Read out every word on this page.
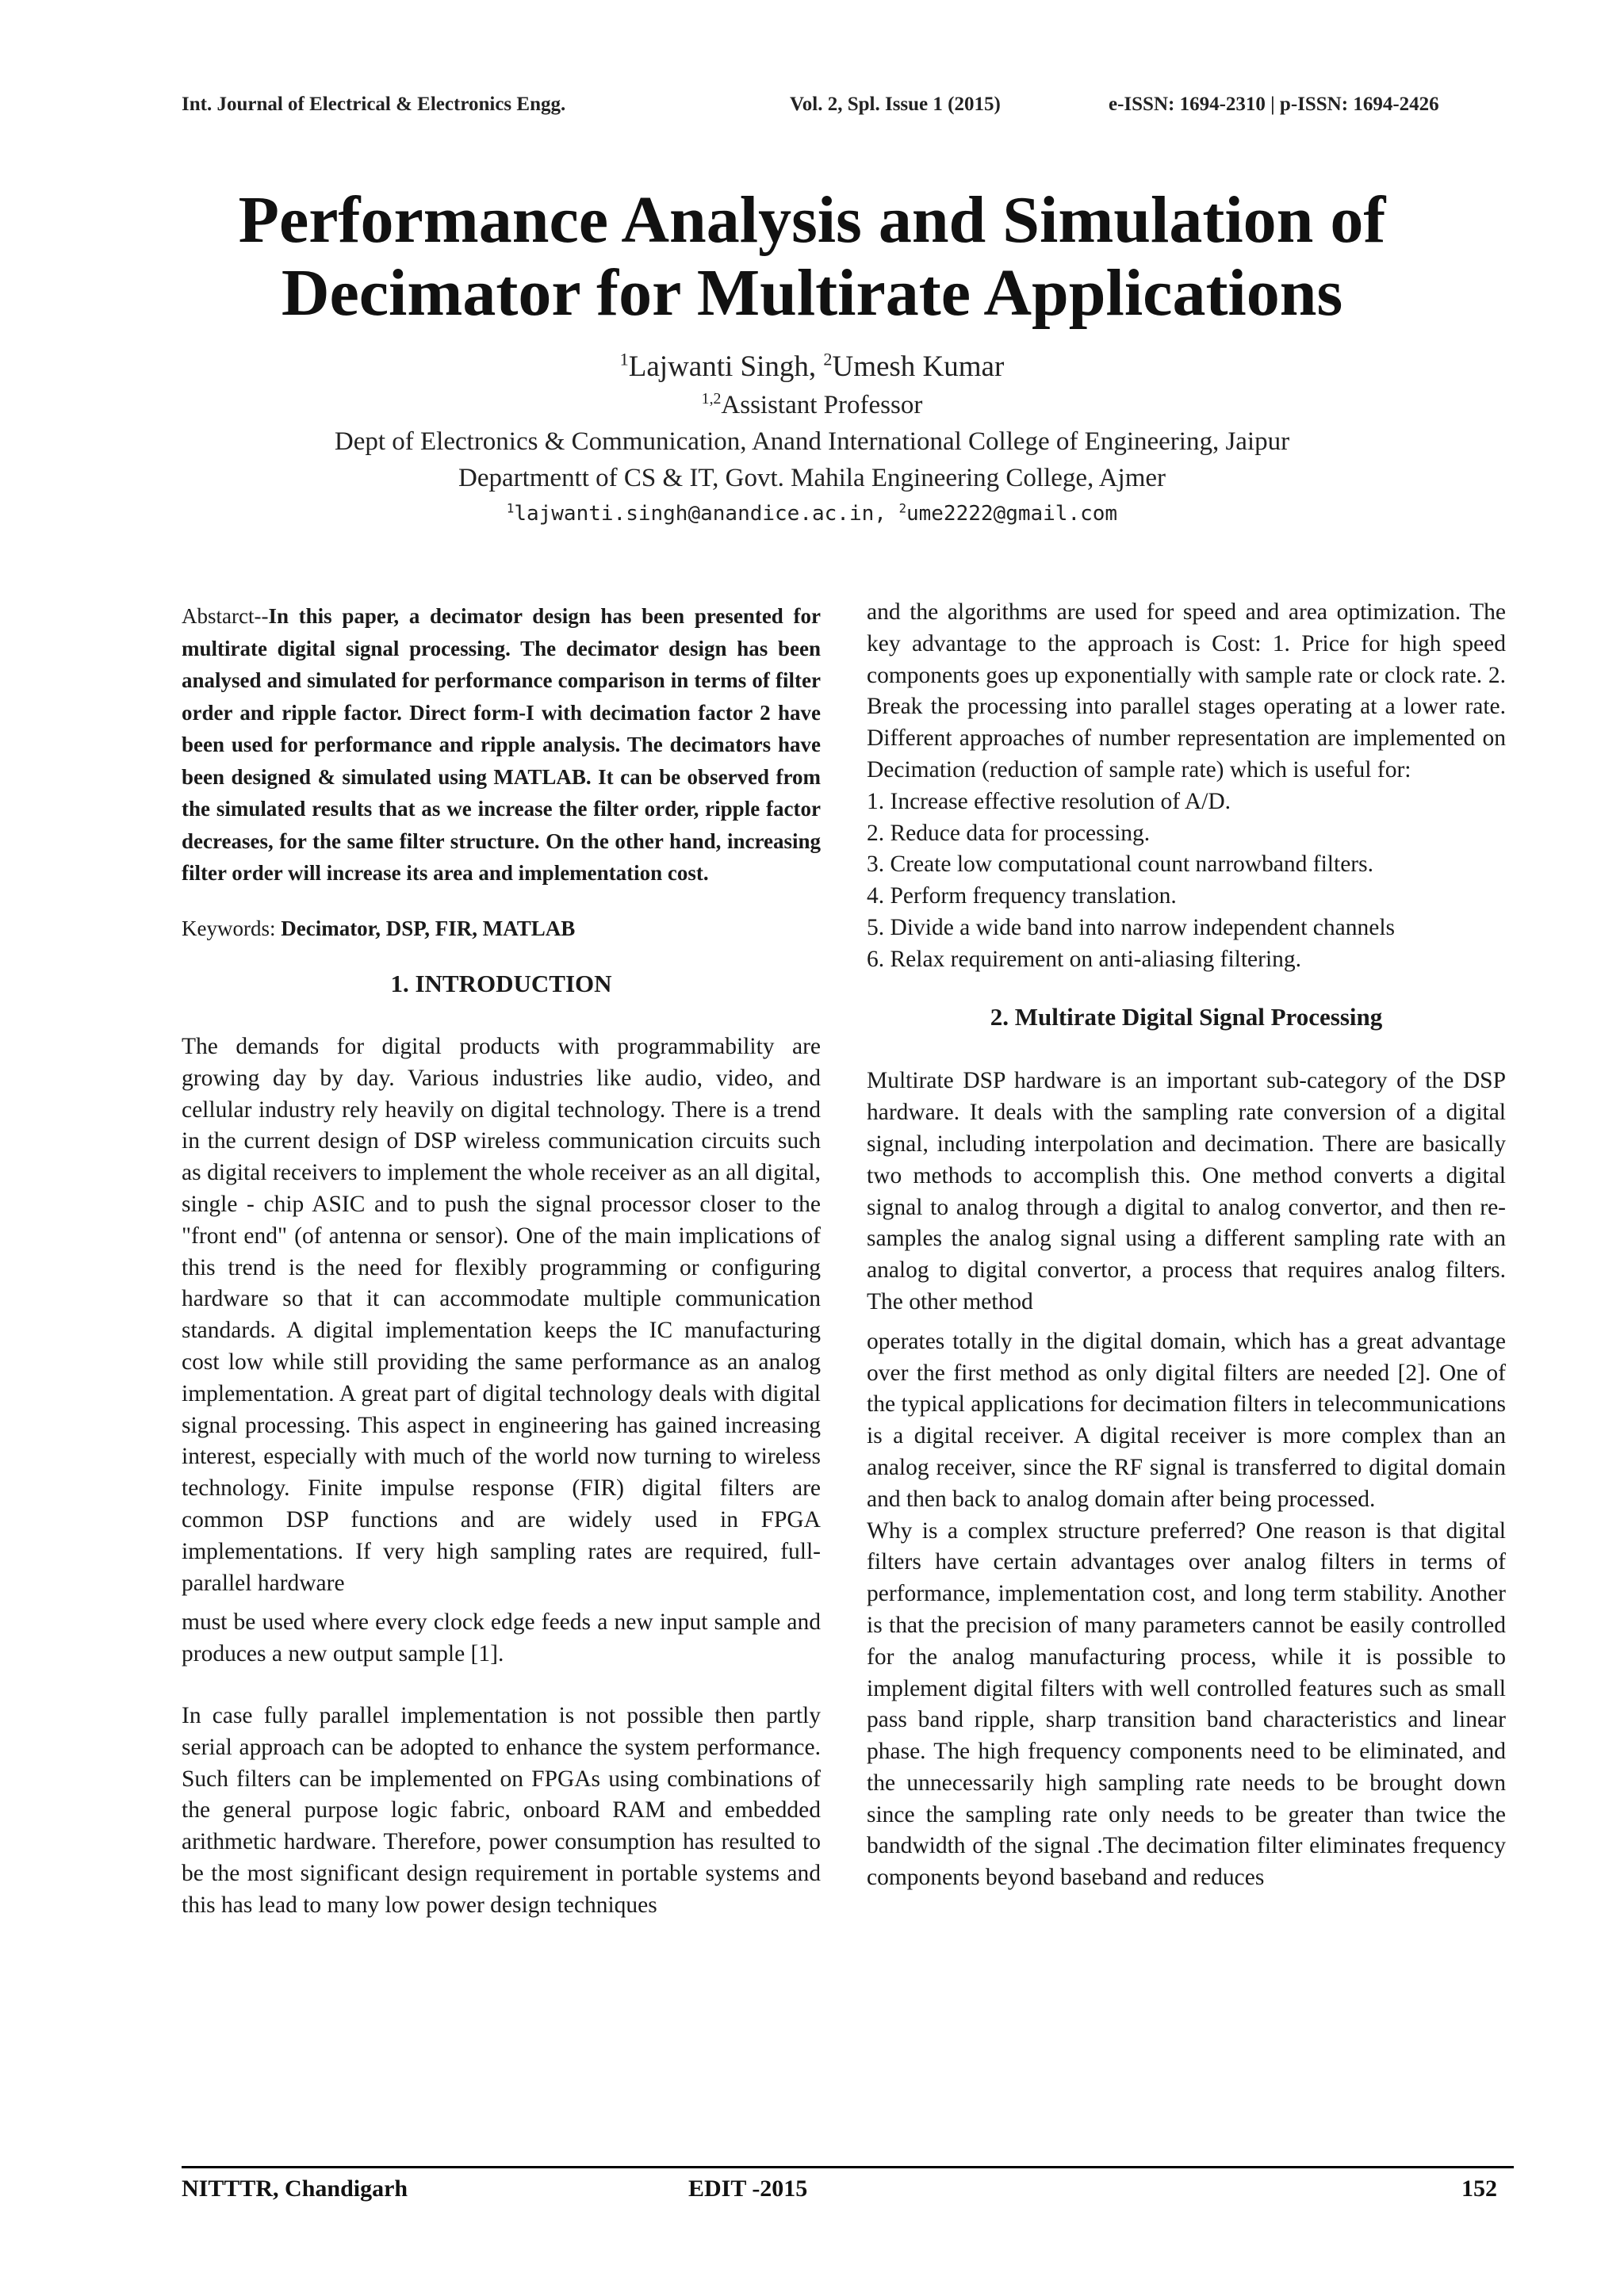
Int. Journal of Electrical & Electronics Engg.	Vol. 2, Spl. Issue 1 (2015)	e-ISSN: 1694-2310 | p-ISSN: 1694-2426
Performance Analysis and Simulation of
Decimator for Multirate Applications
$^1$Lajwanti Singh, $^2$Umesh Kumar
$^{1,2}$Assistant Professor
Dept of Electronics & Communication, Anand International College of Engineering, Jaipur
Departmentt of CS & IT, Govt. Mahila Engineering College, Ajmer
$^1$lajwanti.singh@anandice.ac.in, $^2$ume2222@gmail.com

Abstarct--In this paper, a decimator design has been presented for multirate digital signal processing. The decimator design has been analysed and simulated for performance comparison in terms of filter order and ripple factor. Direct form-I with decimation factor 2 have been used for performance and ripple analysis. The decimators have been designed & simulated using MATLAB. It can be observed from the simulated results that as we increase the filter order, ripple factor decreases, for the same filter structure. On the other hand, increasing filter order will increase its area and implementation cost.

Keywords: Decimator, DSP, FIR, MATLAB

1. INTRODUCTION

The demands for digital products with programmability are growing day by day. Various industries like audio, video, and cellular industry rely heavily on digital technology. There is a trend in the current design of DSP wireless communication circuits such as digital receivers to implement the whole receiver as an all digital, single - chip ASIC and to push the signal processor closer to the "front end" (of antenna or sensor). One of the main implications of this trend is the need for flexibly programming or configuring hardware so that it can accommodate multiple communication standards. A digital implementation keeps the IC manufacturing cost low while still providing the same performance as an analog implementation. A great part of digital technology deals with digital signal processing. This aspect in engineering has gained increasing interest, especially with much of the world now turning to wireless technology. Finite impulse response (FIR) digital filters are common DSP functions and are widely used in FPGA implementations. If very high sampling rates are required, full-parallel hardware

must be used where every clock edge feeds a new input sample and produces a new output sample [1].

In case fully parallel implementation is not possible then partly serial approach can be adopted to enhance the system performance. Such filters can be implemented on FPGAs using combinations of the general purpose logic fabric, onboard RAM and embedded arithmetic hardware. Therefore, power consumption has resulted to be the most significant design requirement in portable systems and this has lead to many low power design techniques

and the algorithms are used for speed and area optimization. The key advantage to the approach is Cost: 1. Price for high speed components goes up exponentially with sample rate or clock rate. 2. Break the processing into parallel stages operating at a lower rate. Different approaches of number representation are implemented on Decimation (reduction of sample rate) which is useful for:

1. Increase effective resolution of A/D.

2. Reduce data for processing.

3. Create low computational count narrowband filters.

4. Perform frequency translation.

5. Divide a wide band into narrow independent channels

6. Relax requirement on anti-aliasing filtering.

2. Multirate Digital Signal Processing

Multirate DSP hardware is an important sub-category of the DSP hardware. It deals with the sampling rate conversion of a digital signal, including interpolation and decimation. There are basically two methods to accomplish this. One method converts a digital signal to analog through a digital to analog convertor, and then re-samples the analog signal using a different sampling rate with an analog to digital convertor, a process that requires analog filters. The other method

operates totally in the digital domain, which has a great advantage over the first method as only digital filters are needed [2]. One of the typical applications for decimation filters in telecommunications is a digital receiver. A digital receiver is more complex than an analog receiver, since the RF signal is transferred to digital domain and then back to analog domain after being processed.

Why is a complex structure preferred? One reason is that digital filters have certain advantages over analog filters in terms of performance, implementation cost, and long term stability. Another is that the precision of many parameters cannot be easily controlled for the analog manufacturing process, while it is possible to implement digital filters with well controlled features such as small pass band ripple, sharp transition band characteristics and linear phase. The high frequency components need to be eliminated, and the unnecessarily high sampling rate needs to be brought down since the sampling rate only needs to be greater than twice the bandwidth of the signal .The decimation filter eliminates frequency components beyond baseband and reduces

NITTTR, Chandigarh	EDIT -2015	152
